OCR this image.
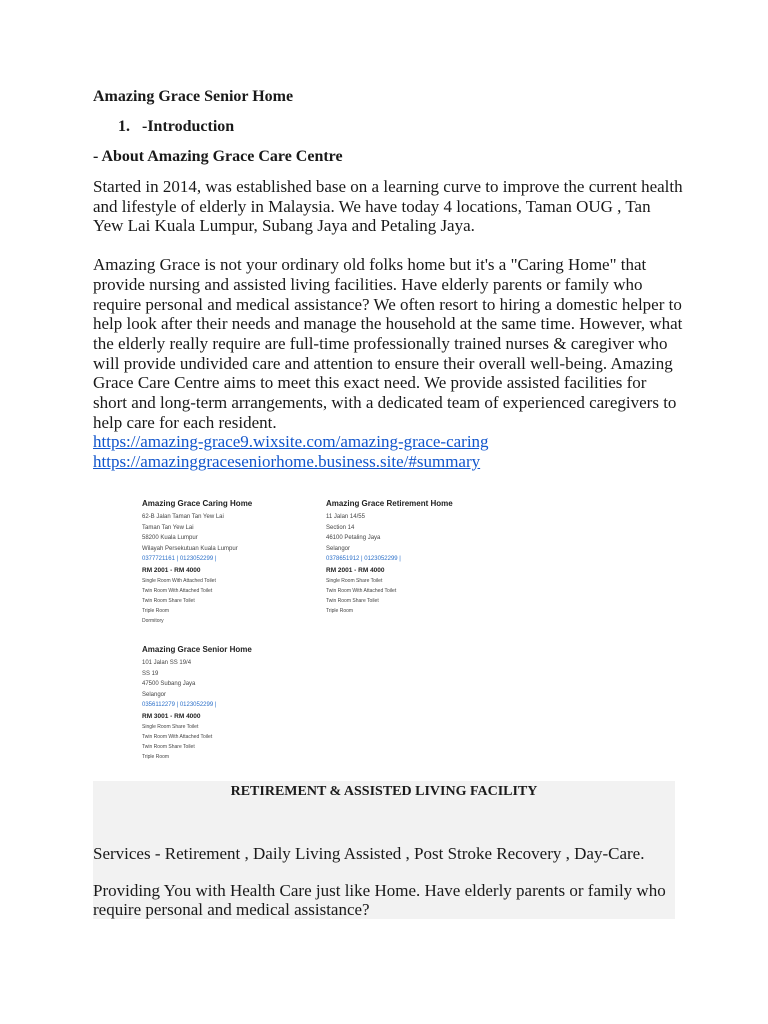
Amazing Grace Senior Home

1. -Introduction

- About Amazing Grace Care Centre

Started in 2014, was established base on a learning curve to improve the current health and lifestyle of elderly in Malaysia. We have today 4 locations, Taman OUG , Tan Yew Lai Kuala Lumpur, Subang Jaya and Petaling Jaya.

Amazing Grace is not your ordinary old folks home but it's a "Caring Home" that provide nursing and assisted living facilities. Have elderly parents or family who require personal and medical assistance? We often resort to hiring a domestic helper to help look after their needs and manage the household at the same time. However, what the elderly really require are full-time professionally trained nurses & caregiver who will provide undivided care and attention to ensure their overall well-being. Amazing Grace Care Centre aims to meet this exact need. We provide assisted facilities for short and long-term arrangements, with a dedicated team of experienced caregivers to help care for each resident.

https://amazing-grace9.wixsite.com/amazing-grace-caring
https://amazinggraceseniorhome.business.site/#summary
Amazing Grace Caring Home
62-B Jalan Taman Tan Yew Lai
Taman Tan Yew Lai
58200 Kuala Lumpur
Wilayah Persekutuan Kuala Lumpur
0377721161 | 0123052299 |
RM 2001 - RM 4000
Single Room With Attached Toilet
Twin Room With Attached Toilet
Twin Room Share Toilet
Triple Room
Dormitory
Amazing Grace Retirement Home
11 Jalan 14/55
Section 14
46100 Petaling Jaya
Selangor
0378651912 | 0123052299 |
RM 2001 - RM 4000
Single Room Share Toilet
Twin Room With Attached Toilet
Twin Room Share Toilet
Triple Room
Amazing Grace Senior Home
101 Jalan SS 19/4
SS 19
47500 Subang Jaya
Selangor
0356112279 | 0123052299 |
RM 3001 - RM 4000
Single Room Share Toilet
Twin Room With Attached Toilet
Twin Room Share Toilet
Triple Room

RETIREMENT & ASSISTED LIVING FACILITY

Services - Retirement , Daily Living Assisted , Post Stroke Recovery , Day-Care.

Providing You with Health Care just like Home. Have elderly parents or family who require personal and medical assistance?
